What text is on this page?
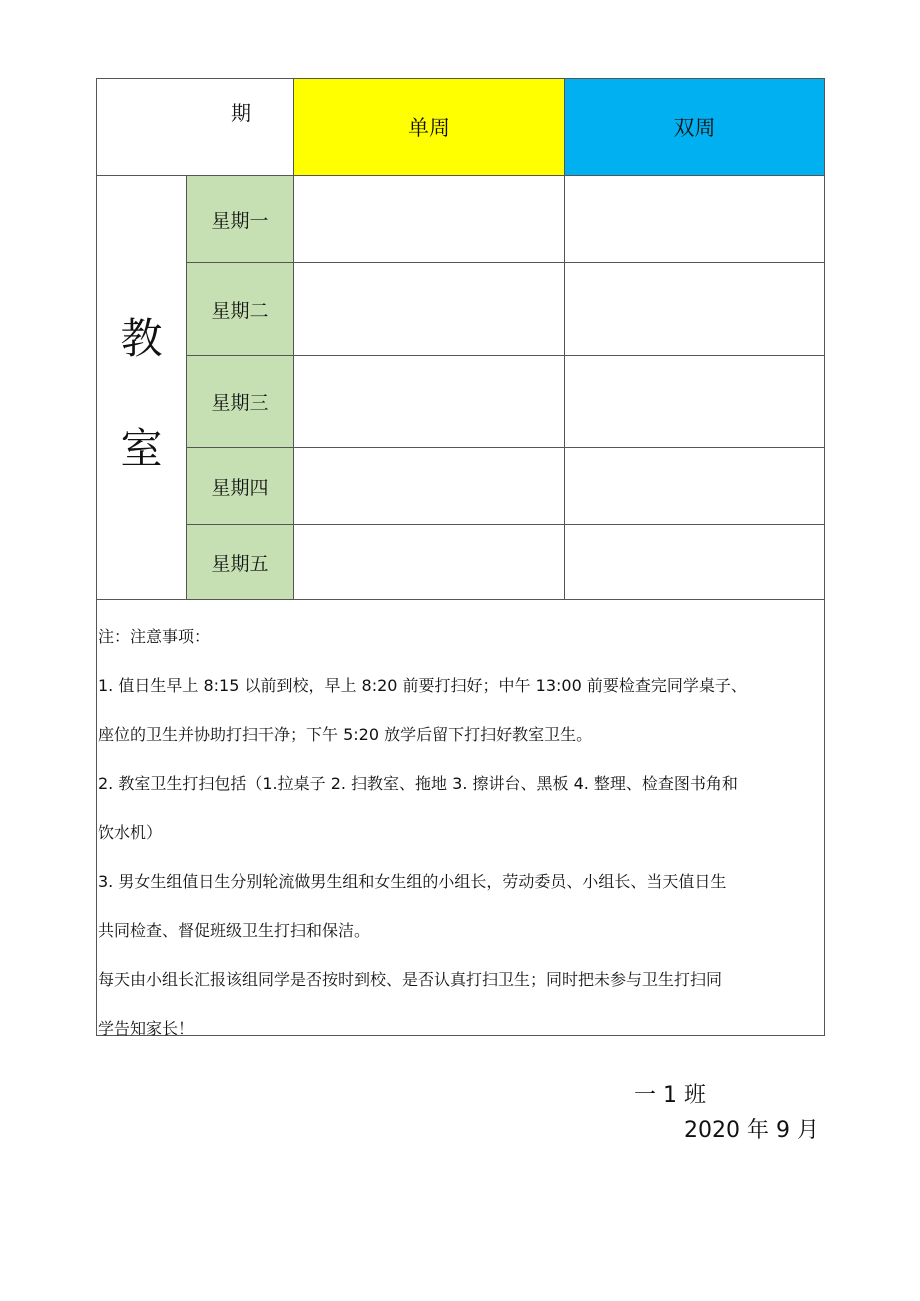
期
单周	双周
教
室
星期一
星期二
星期三
星期四
星期五
注：注意事项：
1. 值日生早上 8:15 以前到校，早上 8:20 前要打扫好；中午 13:00 前要检查完同学桌子、
座位的卫生并协助打扫干净；下午 5:20 放学后留下打扫好教室卫生。
2. 教室卫生打扫包括（1.拉桌子 2. 扫教室、拖地 3. 擦讲台、黑板 4. 整理、检查图书角和
饮水机）
3. 男女生组值日生分别轮流做男生组和女生组的小组长，劳动委员、小组长、当天值日生
共同检查、督促班级卫生打扫和保洁。
每天由小组长汇报该组同学是否按时到校、是否认真打扫卫生；同时把未参与卫生打扫同
学告知家长！
一 1 班
2020 年 9 月
